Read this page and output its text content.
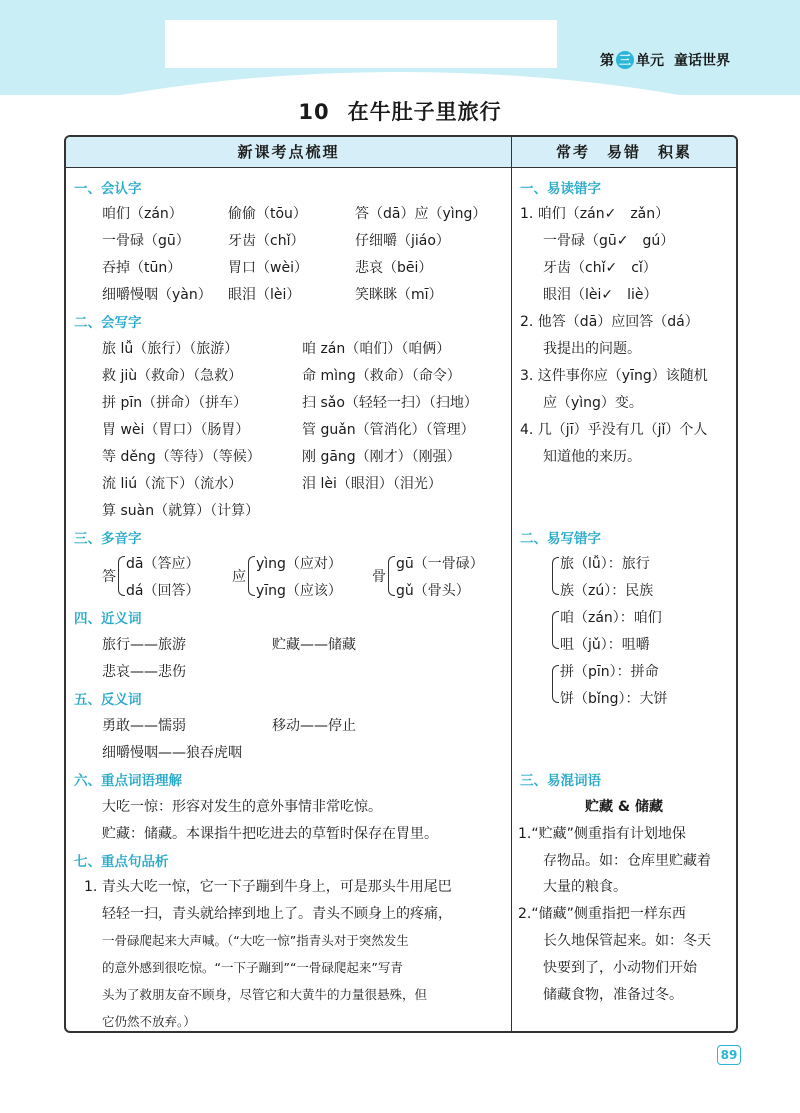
第 三 单元 童话世界
10 在牛肚子里旅行
新课考点梳理	常考　易错　积累
一、会认字
咱们（zán）	偷偷（tōu）	答（dā）应（yìng）
一骨碌（gū）	牙齿（chǐ）	仔细嚼（jiáo）
吞掉（tūn）	胃口（wèi）	悲哀（bēi）
细嚼慢咽（yàn） 眼泪（lèi）	笑眯眯（mī）
二、会写字
旅 lǚ（旅行）（旅游）	咱 zán（咱们）（咱俩）
救 jiù（救命）（急救）	命 mìng（救命）（命令）
拼 pīn（拼命）（拼车）	扫 sǎo（轻轻一扫）（扫地）
胃 wèi（胃口）（肠胃）	管 guǎn（管消化）（管理）
等 děng（等待）（等候）	刚 gāng（刚才）（刚强）
流 liú（流下）（流水）	泪 lèi（眼泪）（泪光）
算 suàn（就算）（计算）
三、多音字
答
dā（答应）
dá（回答）
应
yìng（应对）
yīng（应该）
骨
gū（一骨碌）
gǔ（骨头）
四、近义词
旅行——旅游	贮藏——储藏
悲哀——悲伤
五、反义词
勇敢——懦弱	移动——停止
细嚼慢咽——狼吞虎咽
六、重点词语理解
大吃一惊：形容对发生的意外事情非常吃惊。
贮藏：储藏。本课指牛把吃进去的草暂时保存在胃里。
七、重点句品析
1. 青头大吃一惊，它一下子蹦到牛身上，可是那头牛用尾巴
轻轻一扫，青头就给摔到地上了。青头不顾身上的疼痛，
一骨碌爬起来大声喊。（“大吃一惊”指青头对于突然发生
的意外感到很吃惊。“一下子蹦到”“一骨碌爬起来”写青
头为了救朋友奋不顾身，尽管它和大黄牛的力量很悬殊，但
它仍然不放弃。）
一、易读错字
1. 咱们（zán✓　zǎn）
一骨碌（gū✓　gú）
牙齿（chǐ✓　cǐ）
眼泪（lèi✓　liè）
2. 他答（dā）应回答（dá）
我提出的问题。
3. 这件事你应（yīng）该随机
应（yìng）变。
4. 几（jī）乎没有几（jǐ）个人
知道他的来历。
二、易写错字
旅（lǚ）：旅行
族（zú）：民族
咱（zán）：咱们
咀（jǔ）：咀嚼
拼（pīn）：拼命
饼（bǐng）：大饼
三、易混词语
贮藏 & 储藏
1.“贮藏”侧重指有计划地保
存物品。如：仓库里贮藏着
大量的粮食。
2.“储藏”侧重指把一样东西
长久地保管起来。如：冬天
快要到了，小动物们开始
储藏食物，准备过冬。
89
